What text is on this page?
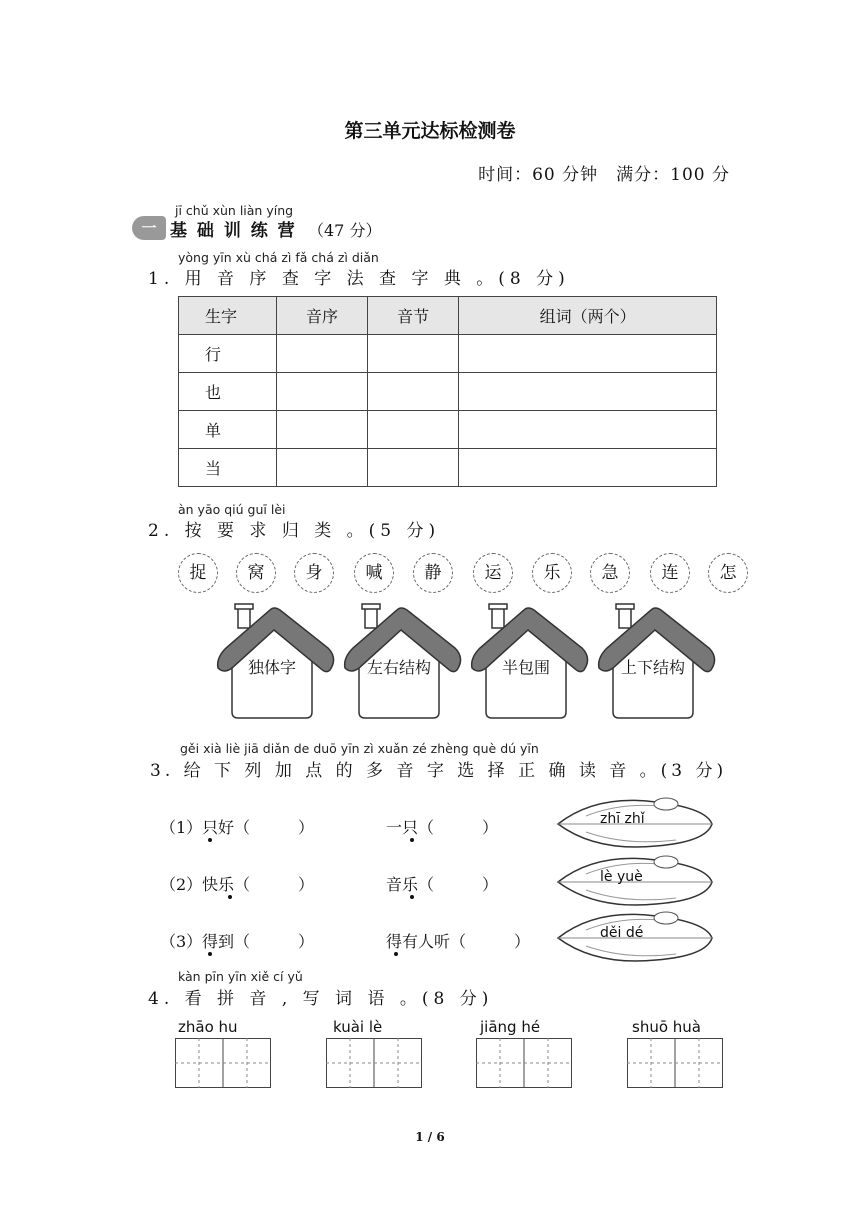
第三单元达标检测卷
时间：60 分钟　满分：100 分
jī chǔ xùn liàn yíng
一 基 础 训 练 营 （47 分）
yòng yīn xù chá zì fǎ chá zì diǎn
1. 用 音 序 查 字 法 查 字 典 。(8 分)
生字	音序	音节	组词（两个）
行			
也			
单			
当			
àn yāo qiú guī lèi
2. 按 要 求 归 类 。(5 分)
捉	窝	身	喊	静	运	乐	急	连	怎
独体字	左右结构	半包围	上下结构
gěi xià liè jiā diǎn de duō yīn zì xuǎn zé zhèng què dú yīn
3. 给 下 列 加 点 的 多 音 字 选 择 正 确 读 音 。(3 分)
（1） 只好（　　　）	一只（　　　）
（2） 快乐（　　　）	音乐（　　　）
（3） 得到（　　　）	得有人听（　　　）
zhī zhǐ
lè yuè
děi dé
kàn pīn yīn xiě cí yǔ
4. 看 拼 音 , 写 词 语 。(8 分)
zhāo hu	kuài lè	jiāng hé	shuō huà
1 / 6
